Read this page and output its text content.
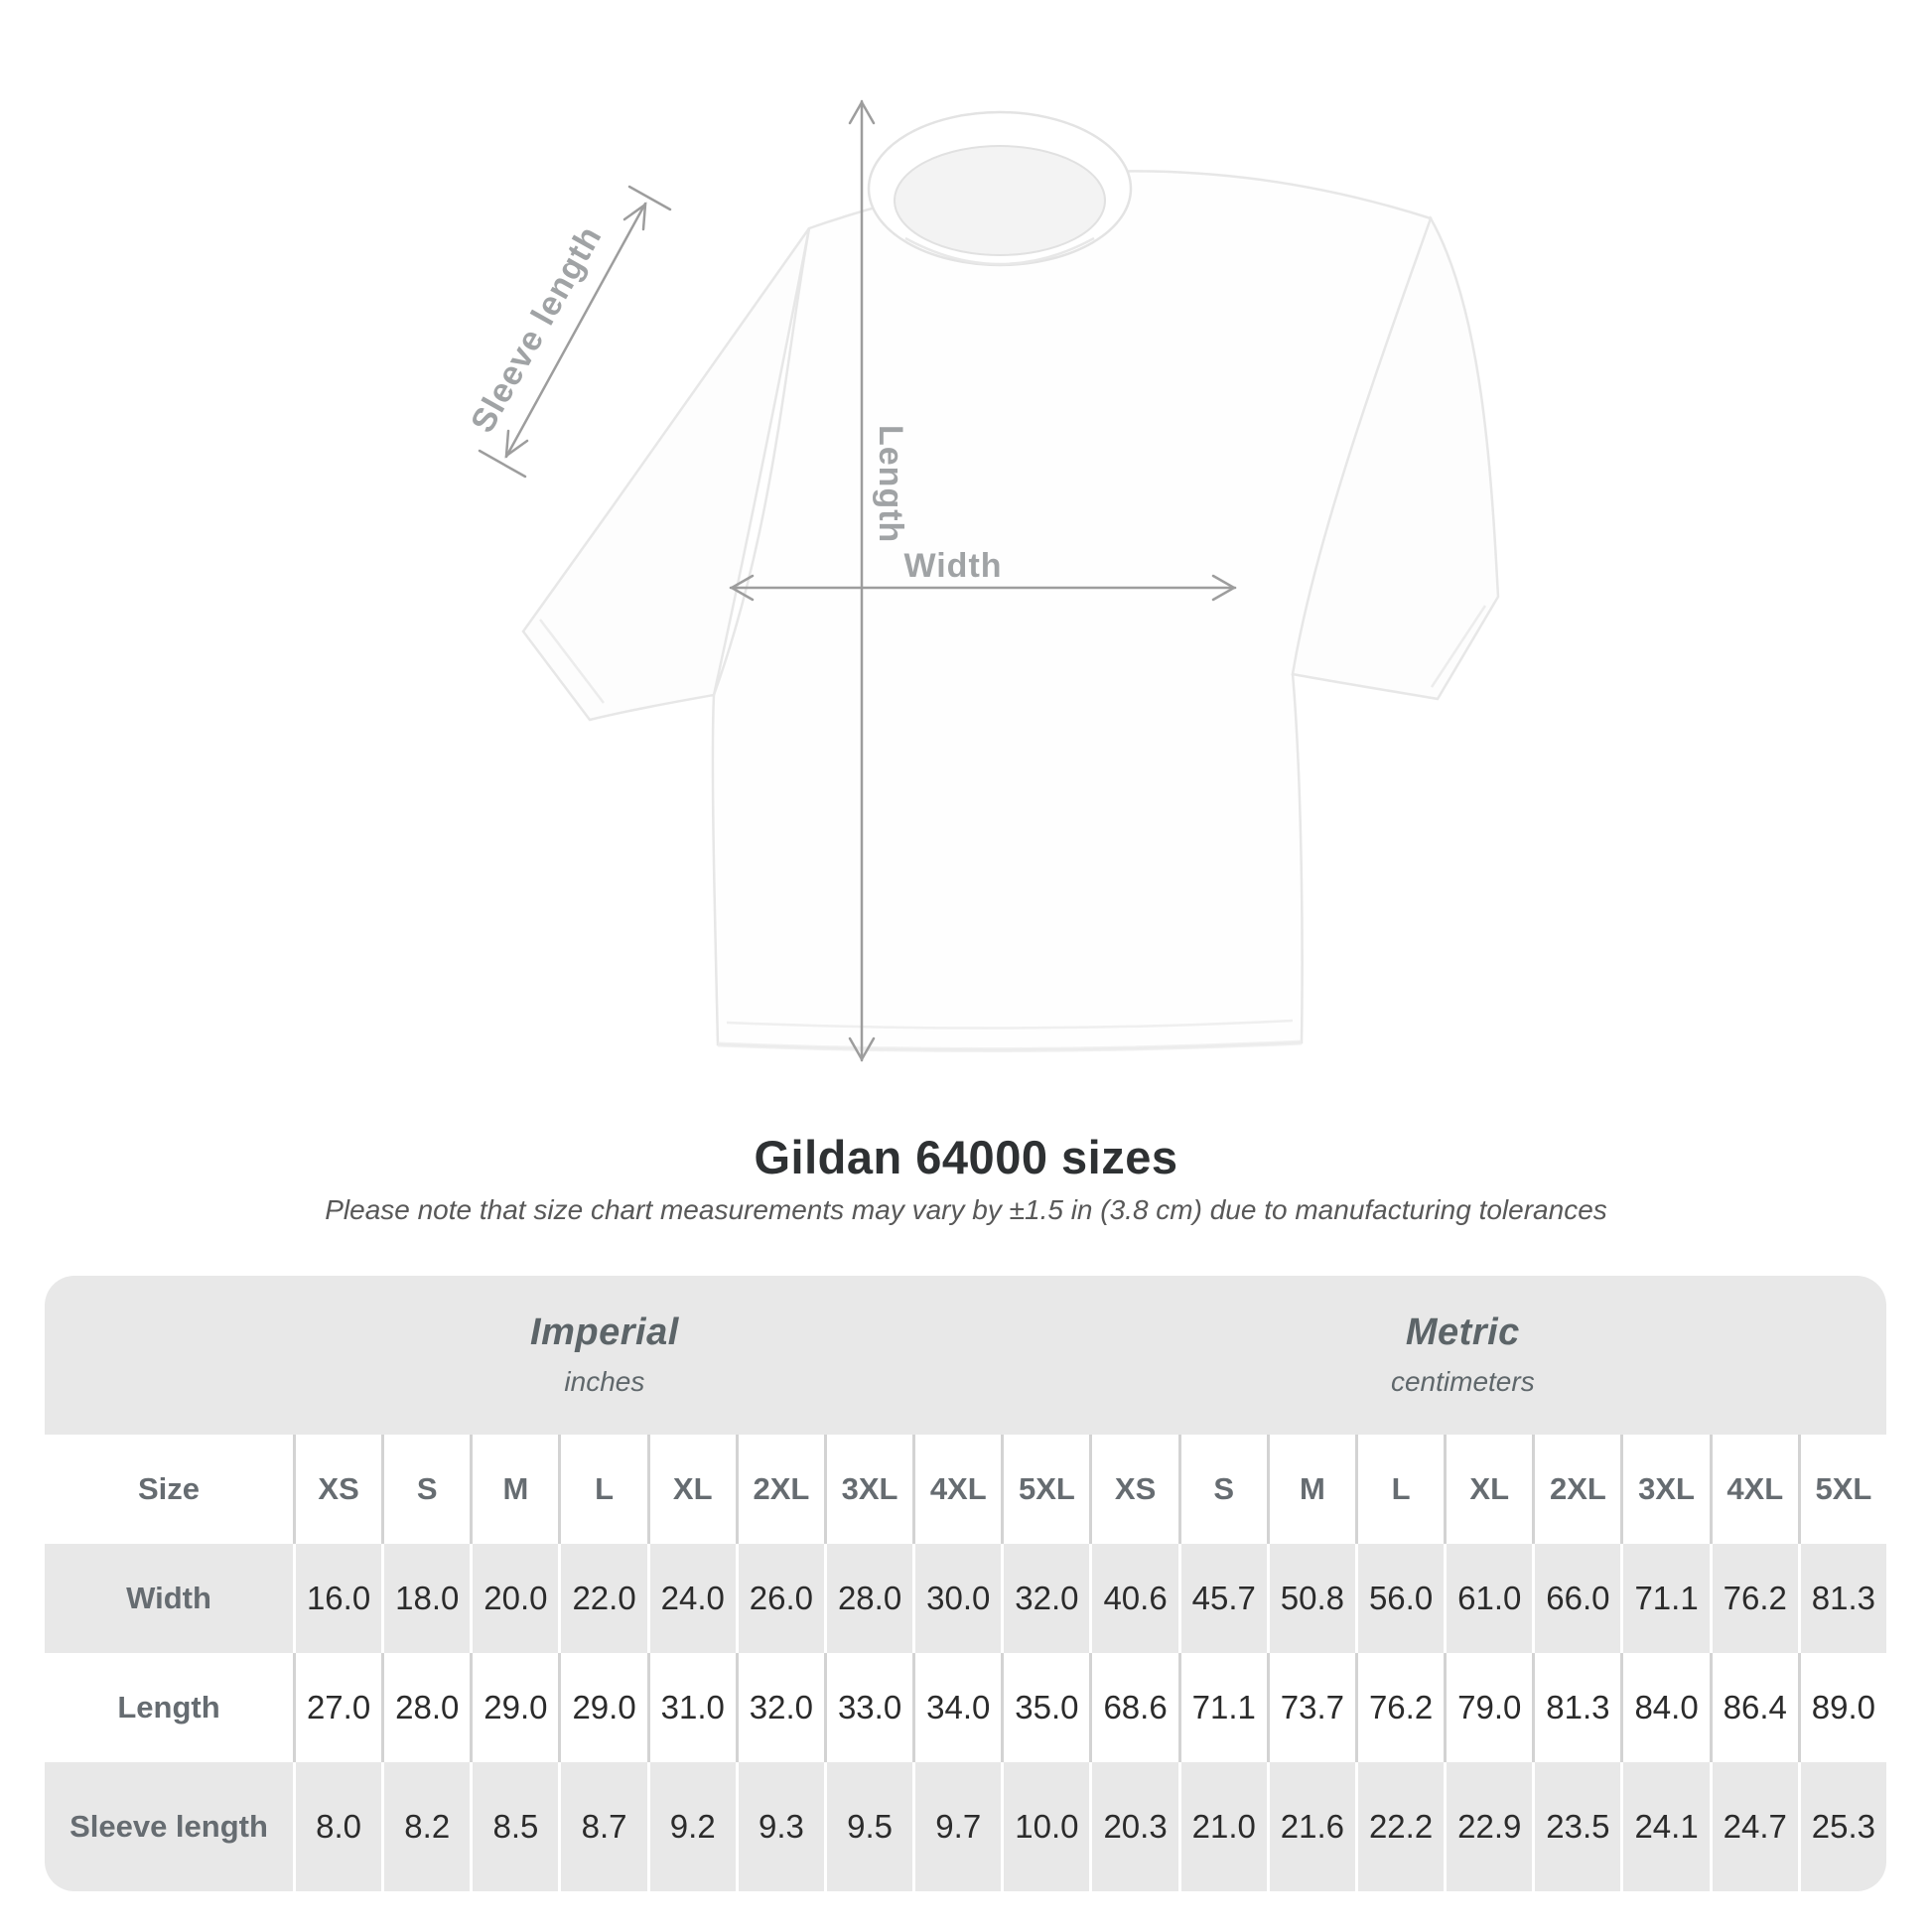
Length
Width
Sleeve length
Gildan 64000 sizes

Please note that size chart measurements may vary by ±1.5 in (3.8 cm) due to manufacturing tolerances

Imperial
inches
Metric
centimeters
Size	XS	S	M	L	XL	2XL	3XL	4XL	5XL	XS	S	M	L	XL	2XL	3XL	4XL	5XL
Width	16.0 18.0 20.0 22.0 24.0 26.0 28.0 30.0 32.0 40.6 45.7 50.8 56.0 61.0 66.0 71.1 76.2 81.3
Length	27.0 28.0 29.0 29.0 31.0 32.0 33.0 34.0 35.0 68.6 71.1 73.7 76.2 79.0 81.3 84.0 86.4 89.0
Sleeve length	8.0	8.2	8.5	8.7	9.2	9.3	9.5	9.7	10.0 20.3 21.0 21.6 22.2 22.9 23.5 24.1 24.7 25.3
